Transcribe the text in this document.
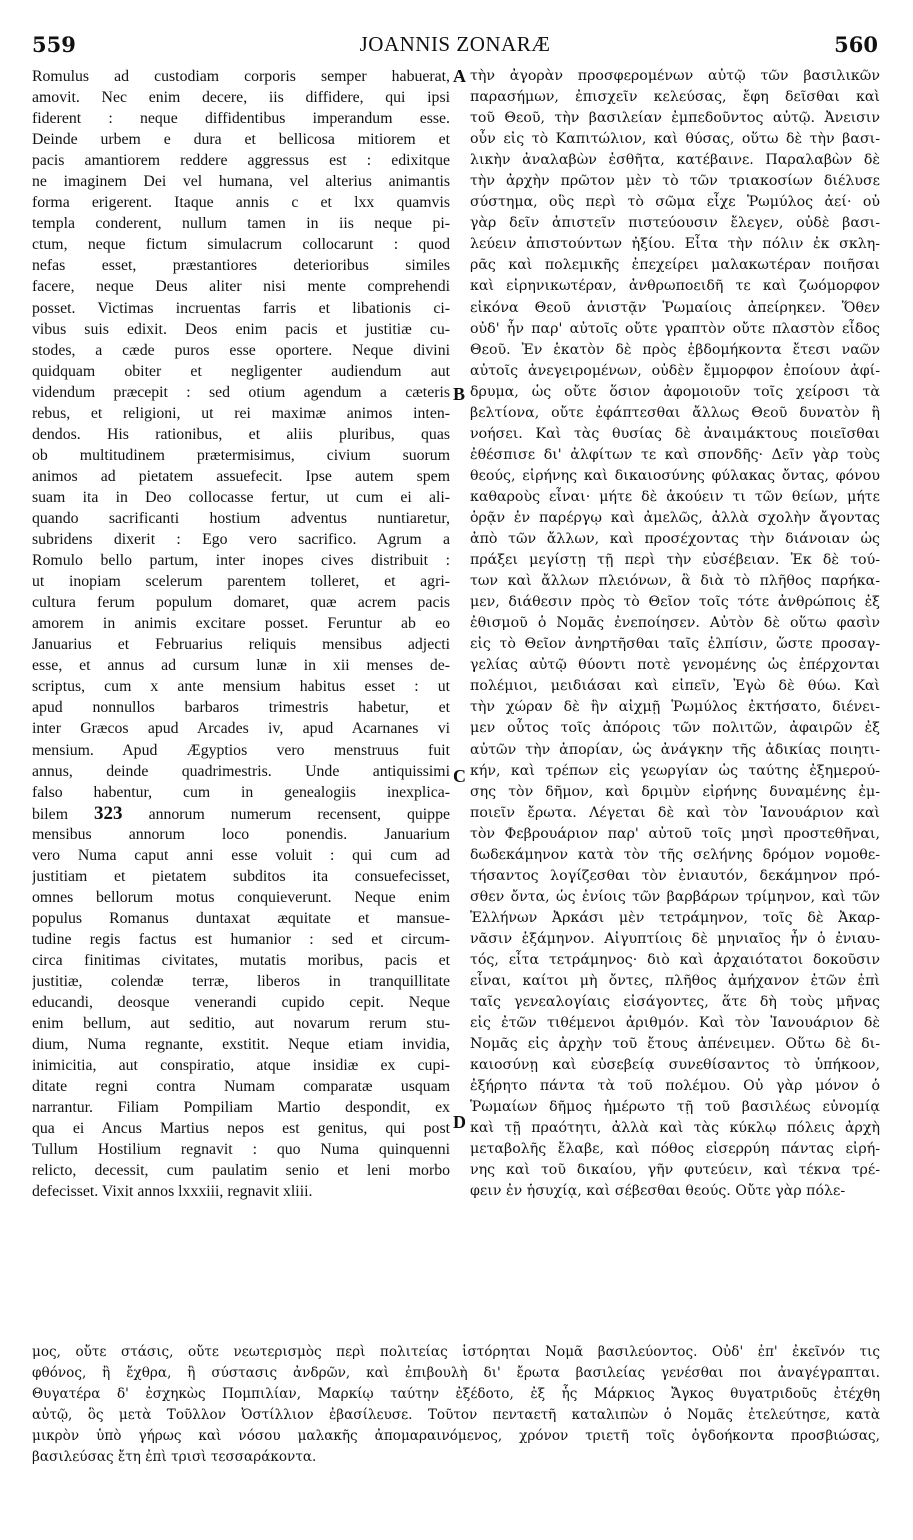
559	JOANNIS ZONARÆ	560
Romulus ad custodiam corporis semper habuerat,
amovit. Nec enim decere, iis diffidere, qui ipsi
fiderent : neque diffidentibus imperandum esse.
Deinde urbem e dura et bellicosa mitiorem et
pacis amantiorem reddere aggressus est : edixitque
ne imaginem Dei vel humana, vel alterius animantis
forma erigerent. Itaque annis c et lxx quamvis
templa conderent, nullum tamen in iis neque pi-
ctum, neque fictum simulacrum collocarunt : quod
nefas esset, præstantiores deterioribus similes
facere, neque Deus aliter nisi mente comprehendi
posset. Victimas incruentas farris et libationis ci-
vibus suis edixit. Deos enim pacis et justitiæ cu-
stodes, a cæde puros esse oportere. Neque divini
quidquam obiter et negligenter audiendum aut
videndum præcepit : sed otium agendum a cæteris
rebus, et religioni, ut rei maximæ animos inten-
dendos. His rationibus, et aliis pluribus, quas
ob multitudinem prætermisimus, civium suorum
animos ad pietatem assuefecit. Ipse autem spem
suam ita in Deo collocasse fertur, ut cum ei ali-
quando sacrificanti hostium adventus nuntiaretur,
subridens dixerit : Ego vero sacrifico. Agrum a
Romulo bello partum, inter inopes cives distribuit :
ut inopiam scelerum parentem tolleret, et agri-
cultura ferum populum domaret, quæ acrem pacis
amorem in animis excitare posset. Feruntur ab eo
Januarius et Februarius reliquis mensibus adjecti
esse, et annus ad cursum lunæ in xii menses de-
scriptus, cum x ante mensium habitus esset : ut
apud nonnullos barbaros trimestris habetur, et
inter Græcos apud Arcades iv, apud Acarnanes vi
mensium. Apud Ægyptios vero menstruus fuit
annus, deinde quadrimestris. Unde antiquissimi
falso habentur, cum in genealogiis inexplica-
bilem 323 annorum numerum recensent, quippe
mensibus annorum loco ponendis. Januarium
vero Numa caput anni esse voluit : qui cum ad
justitiam et pietatem subditos ita consuefecisset,
omnes bellorum motus conquieverunt. Neque enim
populus Romanus duntaxat æquitate et mansue-
tudine regis factus est humanior : sed et circum-
circa finitimas civitates, mutatis moribus, pacis et
justitiæ, colendæ terræ, liberos in tranquillitate
educandi, deosque venerandi cupido cepit. Neque
enim bellum, aut seditio, aut novarum rerum stu-
dium, Numa regnante, exstitit. Neque etiam invidia,
inimicitia, aut conspiratio, atque insidiæ ex cupi-
ditate regni contra Numam comparatæ usquam
narrantur. Filiam Pompiliam Martio despondit, ex
qua ei Ancus Martius nepos est genitus, qui post
Tullum Hostilium regnavit : quo Numa quinquenni
relicto, decessit, cum paulatim senio et leni morbo
defecisset. Vixit annos lxxxiii, regnavit xliii.
τὴν ἀγορὰν προσφερομένων αὐτῷ τῶν βασιλικῶν
παρασήμων, ἐπισχεῖν κελεύσας, ἔφη δεῖσθαι καὶ
τοῦ Θεοῦ, τὴν βασιλείαν ἐμπεδοῦντος αὐτῷ. Ἀνεισιν
οὖν εἰς τὸ Καπιτώλιον, καὶ θύσας, οὕτω δὲ τὴν βασι-
λικὴν ἀναλαβὼν ἐσθῆτα, κατέβαινε. Παραλαβὼν δὲ
τὴν ἀρχὴν πρῶτον μὲν τὸ τῶν τριακοσίων διέλυσε
σύστημα, οὓς περὶ τὸ σῶμα εἶχε Ῥωμύλος ἀεί· οὐ
γὰρ δεῖν ἀπιστεῖν πιστεύουσιν ἔλεγεν, οὐδὲ βασι-
λεύειν ἀπιστούντων ἠξίου. Εἶτα τὴν πόλιν ἐκ σκλη-
ρᾶς καὶ πολεμικῆς ἐπεχείρει μαλακωτέραν ποιῆσαι
καὶ εἰρηνικωτέραν, ἀνθρωποειδῆ τε καὶ ζωόμορφον
εἰκόνα Θεοῦ ἀνιστᾷν Ῥωμαίοις ἀπείρηκεν. Ὅθεν
οὐδ' ἦν παρ' αὐτοῖς οὔτε γραπτὸν οὔτε πλαστὸν εἶδος
Θεοῦ. Ἐν ἑκατὸν δὲ πρὸς ἑβδομήκοντα ἔτεσι ναῶν
αὐτοῖς ἀνεγειρομένων, οὐδὲν ἔμμορφον ἐποίουν ἀφί-
δρυμα, ὡς οὔτε ὅσιον ἀφομοιοῦν τοῖς χείροσι τὰ
βελτίονα, οὔτε ἐφάπτεσθαι ἄλλως Θεοῦ δυνατὸν ἢ
νοήσει. Καὶ τὰς θυσίας δὲ ἀναιμάκτους ποιεῖσθαι
ἐθέσπισε δι' ἀλφίτων τε καὶ σπονδῆς· Δεῖν γὰρ τοὺς
θεούς, εἰρήνης καὶ δικαιοσύνης φύλακας ὄντας, φόνου
καθαροὺς εἶναι· μήτε δὲ ἀκούειν τι τῶν θείων, μήτε
ὁρᾷν ἐν παρέργῳ καὶ ἀμελῶς, ἀλλὰ σχολὴν ἄγοντας
ἀπὸ τῶν ἄλλων, καὶ προσέχοντας τὴν διάνοιαν ὡς
πράξει μεγίστῃ τῇ περὶ τὴν εὐσέβειαν. Ἐκ δὲ τού-
των καὶ ἄλλων πλειόνων, ἃ διὰ τὸ πλῆθος παρήκα-
μεν, διάθεσιν πρὸς τὸ Θεῖον τοῖς τότε ἀνθρώποις ἐξ
ἐθισμοῦ ὁ Νομᾶς ἐνεποίησεν. Αὐτὸν δὲ οὕτω φασὶν
εἰς τὸ Θεῖον ἀνηρτῆσθαι ταῖς ἐλπίσιν, ὥστε προσαγ-
γελίας αὐτῷ θύοντι ποτὲ γενομένης ὡς ἐπέρχονται
πολέμιοι, μειδιάσαι καὶ εἰπεῖν, Ἐγὼ δὲ θύω. Καὶ
τὴν χώραν δὲ ἣν αἰχμῇ Ῥωμύλος ἐκτήσατο, διένει-
μεν οὗτος τοῖς ἀπόροις τῶν πολιτῶν, ἀφαιρῶν ἐξ
αὐτῶν τὴν ἀπορίαν, ὡς ἀνάγκην τῆς ἀδικίας ποιητι-
κήν, καὶ τρέπων εἰς γεωργίαν ὡς ταύτης ἐξημερού-
σης τὸν δῆμον, καὶ δριμὺν εἰρήνης δυναμένης ἐμ-
ποιεῖν ἔρωτα. Λέγεται δὲ καὶ τὸν Ἰανουάριον καὶ
τὸν Φεβρουάριον παρ' αὐτοῦ τοῖς μησὶ προστεθῆναι,
δωδεκάμηνον κατὰ τὸν τῆς σελήνης δρόμον νομοθε-
τήσαντος λογίζεσθαι τὸν ἐνιαυτόν, δεκάμηνον πρό-
σθεν ὄντα, ὡς ἐνίοις τῶν βαρβάρων τρίμηνον, καὶ τῶν
Ἑλλήνων Ἀρκάσι μὲν τετράμηνον, τοῖς δὲ Ἀκαρ-
νᾶσιν ἑξάμηνον. Αἰγυπτίοις δὲ μηνιαῖος ἦν ὁ ἐνιαυ-
τός, εἶτα τετράμηνος· διὸ καὶ ἀρχαιότατοι δοκοῦσιν
εἶναι, καίτοι μὴ ὄντες, πλῆθος ἀμήχανον ἐτῶν ἐπὶ
ταῖς γενεαλογίαις εἰσάγοντες, ἅτε δὴ τοὺς μῆνας
εἰς ἐτῶν τιθέμενοι ἀριθμόν. Καὶ τὸν Ἰανουάριον δὲ
Νομᾶς εἰς ἀρχὴν τοῦ ἔτους ἀπένειμεν. Οὕτω δὲ δι-
καιοσύνῃ καὶ εὐσεβείᾳ συνεθίσαντος τὸ ὑπήκοον,
ἐξήρητο πάντα τὰ τοῦ πολέμου. Οὐ γὰρ μόνον ὁ
Ῥωμαίων δῆμος ἡμέρωτο τῇ τοῦ βασιλέως εὐνομίᾳ
καὶ τῇ πραότητι, ἀλλὰ καὶ τὰς κύκλῳ πόλεις ἀρχὴ
μεταβολῆς ἔλαβε, καὶ πόθος εἰσερρύη πάντας εἰρή-
νης καὶ τοῦ δικαίου, γῆν φυτεύειν, καὶ τέκνα τρέ-
φειν ἐν ἡσυχίᾳ, καὶ σέβεσθαι θεούς. Οὔτε γὰρ πόλε-
A
B
C
D
μος, οὔτε στάσις, οὔτε νεωτερισμὸς περὶ πολιτείας ἱστόρηται Νομᾶ βασιλεύοντος. Οὐδ' ἐπ' ἐκεῖνόν τις
φθόνος, ἢ ἔχθρα, ἢ σύστασις ἀνδρῶν, καὶ ἐπιβουλὴ δι' ἔρωτα βασιλείας γενέσθαι ποι ἀναγέγραπται.
Θυγατέρα δ' ἐσχηκὼς Πομπιλίαν, Μαρκίῳ ταύτην ἐξέδοτο, ἐξ ἧς Μάρκιος Ἄγκος θυγατριδοῦς ἐτέχθη
αὐτῷ, ὃς μετὰ Τοῦλλον Ὀστίλλιον ἐβασίλευσε. Τοῦτον πενταετῆ καταλιπὼν ὁ Νομᾶς ἐτελεύτησε, κατὰ
μικρὸν ὑπὸ γήρως καὶ νόσου μαλακῆς ἀπομαραινόμενος, χρόνον τριετῆ τοῖς ὀγδοήκοντα προσβιώσας,
βασιλεύσας ἔτη ἐπὶ τρισὶ τεσσαράκοντα.
